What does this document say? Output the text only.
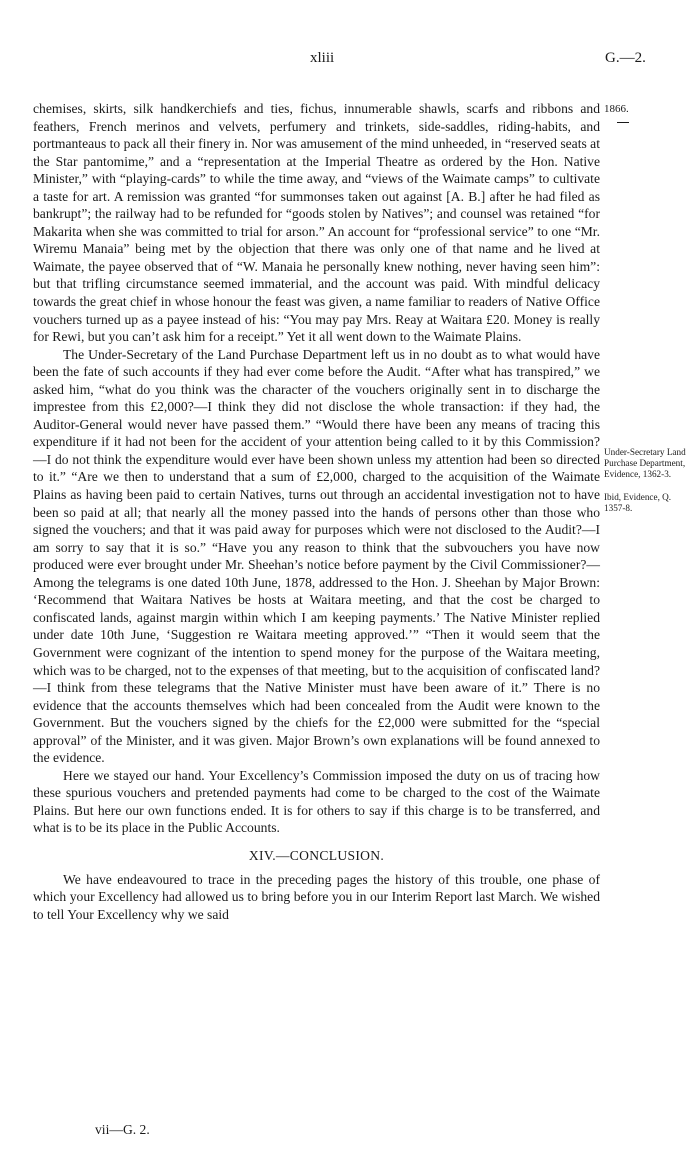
xliii	G.—2.
1866.
Under-Secretary Land Purchase Department, Evidence, 1362-3.
Ibid, Evidence, Q. 1357-8.

chemises, skirts, silk handkerchiefs and ties, fichus, innumerable shawls, scarfs and ribbons and feathers, French merinos and velvets, perfumery and trinkets, side-saddles, riding-habits, and portmanteaus to pack all their finery in. Nor was amusement of the mind unheeded, in “reserved seats at the Star pantomime,” and a “representation at the Imperial Theatre as ordered by the Hon. Native Minister,” with “playing-cards” to while the time away, and “views of the Waimate camps” to cultivate a taste for art. A remission was granted “for summonses taken out against [A. B.] after he had filed as bankrupt”; the railway had to be refunded for “goods stolen by Natives”; and counsel was retained “for Makarita when she was committed to trial for arson.” An account for “professional service” to one “Mr. Wiremu Manaia” being met by the objection that there was only one of that name and he lived at Waimate, the payee observed that of “W. Manaia he personally knew nothing, never having seen him”: but that trifling circumstance seemed immaterial, and the account was paid. With mindful delicacy towards the great chief in whose honour the feast was given, a name familiar to readers of Native Office vouchers turned up as a payee instead of his: “You may pay Mrs. Reay at Waitara £20. Money is really for Rewi, but you can’t ask him for a receipt.” Yet it all went down to the Waimate Plains.

The Under-Secretary of the Land Purchase Department left us in no doubt as to what would have been the fate of such accounts if they had ever come before the Audit. “After what has transpired,” we asked him, “what do you think was the character of the vouchers originally sent in to discharge the imprestee from this £2,000?—I think they did not disclose the whole transaction: if they had, the Auditor-General would never have passed them.” “Would there have been any means of tracing this expenditure if it had not been for the accident of your attention being called to it by this Commission?—I do not think the expenditure would ever have been shown unless my attention had been so directed to it.” “Are we then to understand that a sum of £2,000, charged to the acquisition of the Waimate Plains as having been paid to certain Natives, turns out through an accidental investigation not to have been so paid at all; that nearly all the money passed into the hands of persons other than those who signed the vouchers; and that it was paid away for purposes which were not disclosed to the Audit?—I am sorry to say that it is so.” “Have you any reason to think that the subvouchers you have now produced were ever brought under Mr. Sheehan’s notice before payment by the Civil Commissioner?—Among the telegrams is one dated 10th June, 1878, addressed to the Hon. J. Sheehan by Major Brown: ‘Recommend that Waitara Natives be hosts at Waitara meeting, and that the cost be charged to confiscated lands, against margin within which I am keeping payments.’ The Native Minister replied under date 10th June, ‘Suggestion re Waitara meeting approved.’” “Then it would seem that the Government were cognizant of the intention to spend money for the purpose of the Waitara meeting, which was to be charged, not to the expenses of that meeting, but to the acquisition of confiscated land?—I think from these telegrams that the Native Minister must have been aware of it.” There is no evidence that the accounts themselves which had been concealed from the Audit were known to the Government. But the vouchers signed by the chiefs for the £2,000 were submitted for the “special approval” of the Minister, and it was given. Major Brown’s own explanations will be found annexed to the evidence.

Here we stayed our hand. Your Excellency’s Commission imposed the duty on us of tracing how these spurious vouchers and pretended payments had come to be charged to the cost of the Waimate Plains. But here our own functions ended. It is for others to say if this charge is to be transferred, and what is to be its place in the Public Accounts.

XIV.—CONCLUSION.

We have endeavoured to trace in the preceding pages the history of this trouble, one phase of which your Excellency had allowed us to bring before you in our Interim Report last March. We wished to tell Your Excellency why we said

vii—G. 2.
